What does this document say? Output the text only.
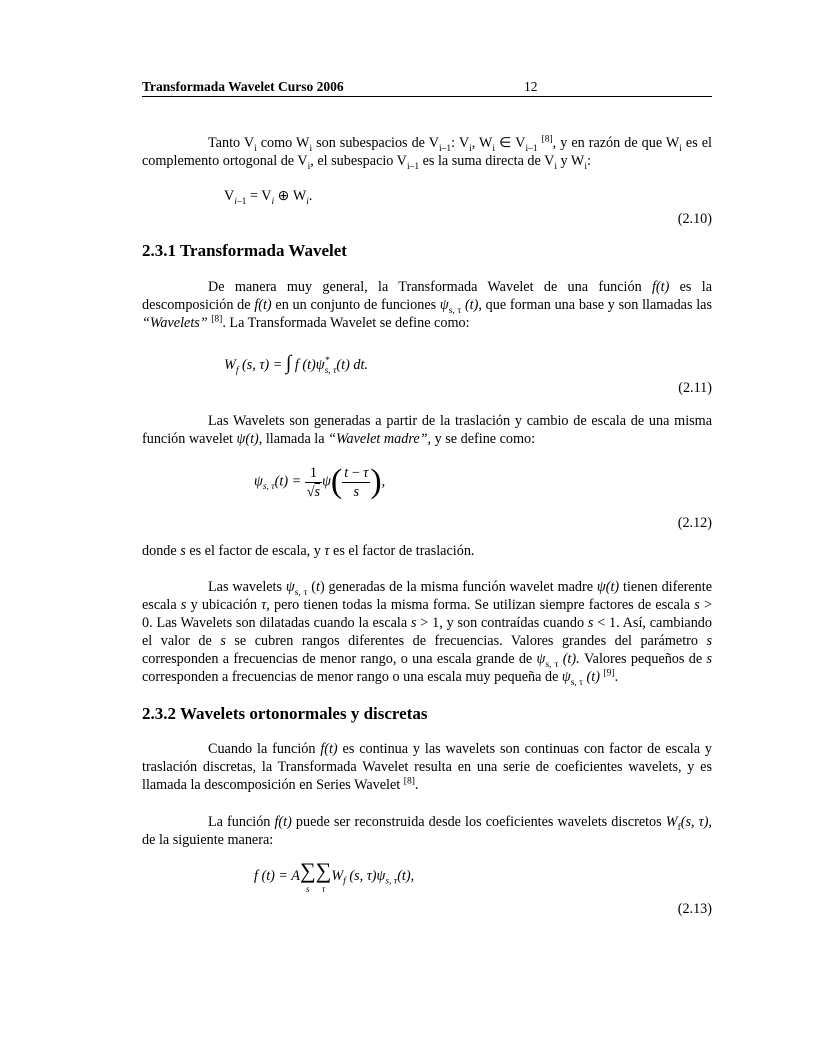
Transformada Wavelet Curso 2006	12

Tanto $V_i$ como $W_i$ son subespacios de $V_{i-1}$: $V_i$, $W_i$ ∈ $V_{i-1}$ [8], y en razón de que $W_i$ es el complemento ortogonal de $V_i$, el subespacio $V_{i-1}$ es la suma directa de $V_i$ y $W_i$:

$V_{i-1} = V_i$ ⊕ $W_i$.
(2.10)
2.3.1 Transformada Wavelet

De manera muy general, la Transformada Wavelet de una función f(t) es la descomposición de f(t) en un conjunto de funciones $\psi_{s, \tau}$ (t), que forman una base y son llamadas las “Wavelets” [8]. La Transformada Wavelet se define como:

$W_f$ (s, τ) = ∫ f (t)ψ *
s, τ (t) dt.
(2.11)

Las Wavelets son generadas a partir de la traslación y cambio de escala de una misma función wavelet ψ(t), llamada la “Wavelet madre”, y se define como:

$\psi_{s, \tau}(t) = \frac{1}{√s} \psi( \frac{t - \tau}{s}$ ),
(2.12)

donde s es el factor de escala, y τ es el factor de traslación.

Las wavelets $\psi_{s, \tau}$ (t) generadas de la misma función wavelet madre ψ(t) tienen diferente escala s y ubicación τ, pero tienen todas la misma forma. Se utilizan siempre factores de escala s > 0. Las Wavelets son dilatadas cuando la escala s > 1, y son contraídas cuando s < 1. Así, cambiando el valor de s se cubren rangos diferentes de frecuencias. Valores grandes del parámetro s corresponden a frecuencias de menor rango, o una escala grande de $\psi_{s, \tau}$ (t). Valores pequeños de s corresponden a frecuencias de menor rango o una escala muy pequeña de $\psi_{s, \tau}$ (t) [9].

2.3.2 Wavelets ortonormales y discretas

Cuando la función f(t) es continua y las wavelets son continuas con factor de escala y traslación discretas, la Transformada Wavelet resulta en una serie de coeficientes wavelets, y es llamada la descomposición en Series Wavelet [8].

La función f(t) puede ser reconstruida desde los coeficientes wavelets discretos $W_f(s$, τ), de la siguiente manera:

f (t) = A ∑
s
∑
τ
$W_f$ (s, $\tau)\psi_{s, \tau}(t)$,
(2.13)
